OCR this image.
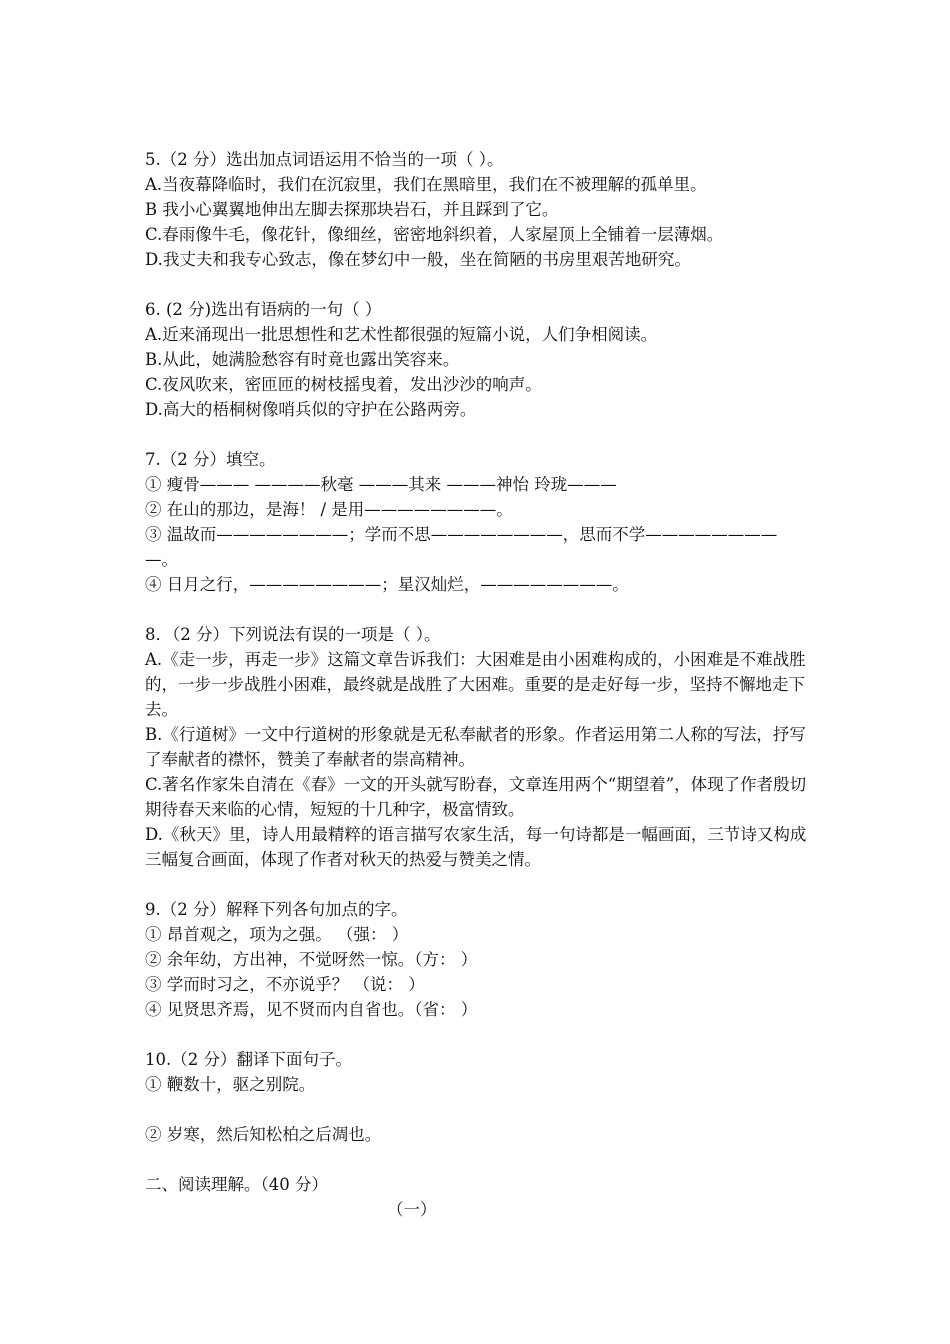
5.（2 分）选出加点词语运用不恰当的一项（ ）。
A.当夜幕降临时，我们在沉寂里，我们在黑暗里，我们在不被理解的孤单里。
B 我小心翼翼地伸出左脚去探那块岩石，并且踩到了它。
C.春雨像牛毛，像花针，像细丝，密密地斜织着，人家屋顶上全铺着一层薄烟。
D.我丈夫和我专心致志，像在梦幻中一般，坐在简陋的书房里艰苦地研究。
6. (2 分)选出有语病的一句（ ）
A.近来涌现出一批思想性和艺术性都很强的短篇小说，人们争相阅读。
B.从此，她满脸愁容有时竟也露出笑容来。
C.夜风吹来，密匝匝的树枝摇曳着，发出沙沙的响声。
D.高大的梧桐树像哨兵似的守护在公路两旁。
7.（2 分）填空。
① 瘦骨——— ————秋毫 ———其来 ———神怡 玲珑———
② 在山的那边，是海！ / 是用————————。
③ 温故而————————；学而不思————————，思而不学————————
—。
④ 日月之行，————————；星汉灿烂，————————。
8．（2 分）下列说法有误的一项是（ ）。
A.《走一步，再走一步》这篇文章告诉我们：大困难是由小困难构成的，小困难是不难战胜的，一步一步战胜小困难，最终就是战胜了大困难。重要的是走好每一步，坚持不懈地走下去。
B.《行道树》一文中行道树的形象就是无私奉献者的形象。作者运用第二人称的写法，抒写了奉献者的襟怀，赞美了奉献者的崇高精神。
C.著名作家朱自清在《春》一文的开头就写盼春，文章连用两个“期望着”，体现了作者殷切期待春天来临的心情，短短的十几种字，极富情致。
D.《秋天》里，诗人用最精粹的语言描写农家生活，每一句诗都是一幅画面，三节诗又构成三幅复合画面，体现了作者对秋天的热爱与赞美之情。
9.（2 分）解释下列各句加点的字。
① 昂首观之，项为之强。 （强： ）
② 余年幼，方出神，不觉呀然一惊。（方： ）
③ 学而时习之，不亦说乎？ （说： ）
④ 见贤思齐焉，见不贤而内自省也。（省： ）
10.（2 分）翻译下面句子。
① 鞭数十，驱之别院。
② 岁寒，然后知松柏之后凋也。
二、阅读理解。（40 分）
（一）
